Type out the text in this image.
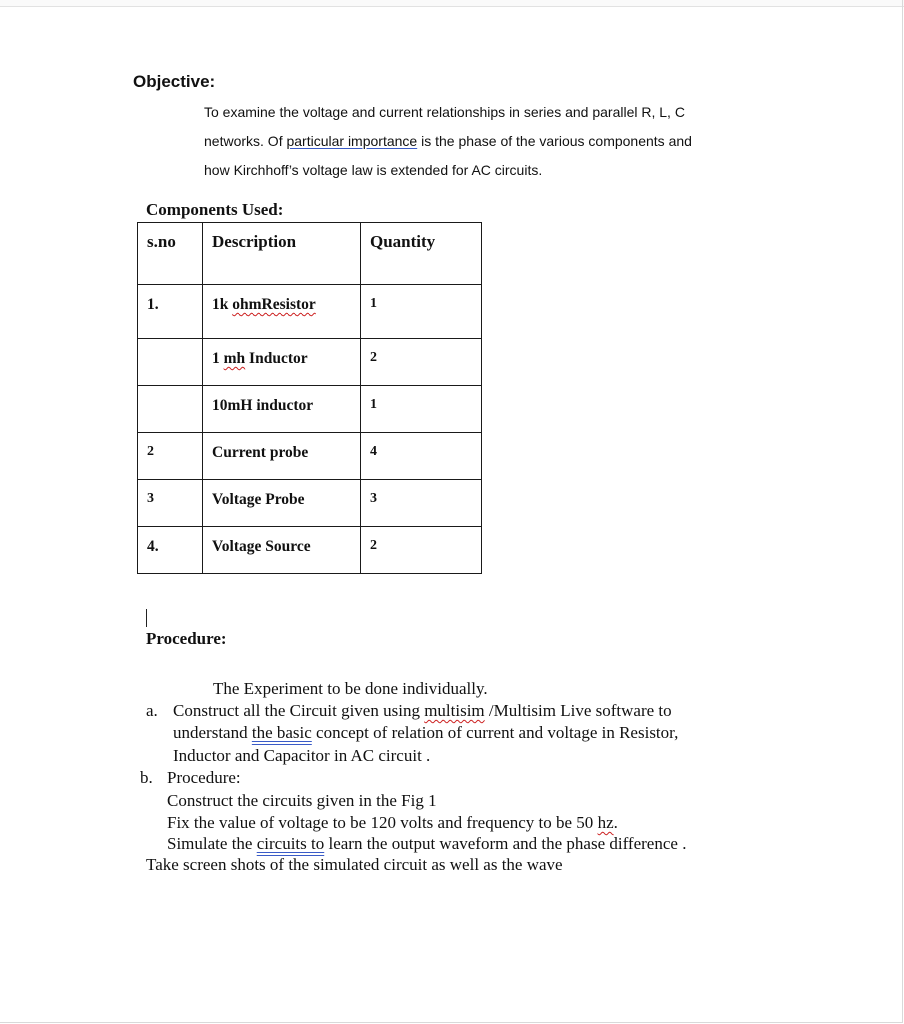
Objective:
To examine the voltage and current relationships in series and parallel R, L, C
networks. Of particular importance is the phase of the various components and
how Kirchhoff’s voltage law is extended for AC circuits.
Components Used:
s.no	Description	Quantity
1.	1k ohmResistor	1
	1 mh Inductor	2
	10mH inductor	1
2	Current probe	4
3	Voltage Probe	3
4.	Voltage Source	2
Procedure:
The Experiment to be done individually.
a. Construct all the Circuit given using multisim /Multisim Live software to
understand the basic concept of relation of current and voltage in Resistor,
Inductor and Capacitor in AC circuit .
b. Procedure:
Construct the circuits given in the Fig 1
Fix the value of voltage to be 120 volts and frequency to be 50 hz.
Simulate the circuits to learn the output waveform and the phase difference .
Take screen shots of the simulated circuit as well as the wave
